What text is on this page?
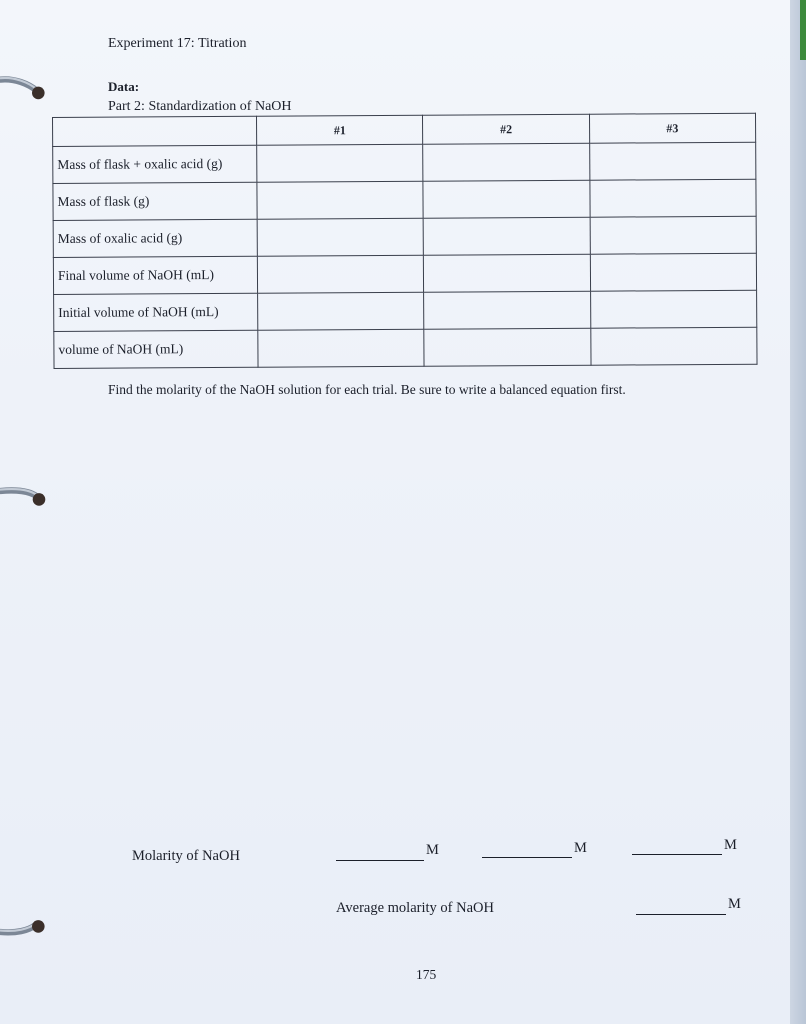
Experiment 17: Titration
Data:
Part 2: Standardization of NaOH
	#1	#2	#3
Mass of flask + oxalic acid (g)			
Mass of flask (g)			
Mass of oxalic acid (g)			
Final volume of NaOH (mL)			
Initial volume of NaOH (mL)			
volume of NaOH (mL)			
Find the molarity of the NaOH solution for each trial. Be sure to write a balanced equation first.
Molarity of NaOH	M	M	M
Average molarity of NaOH	M
175
